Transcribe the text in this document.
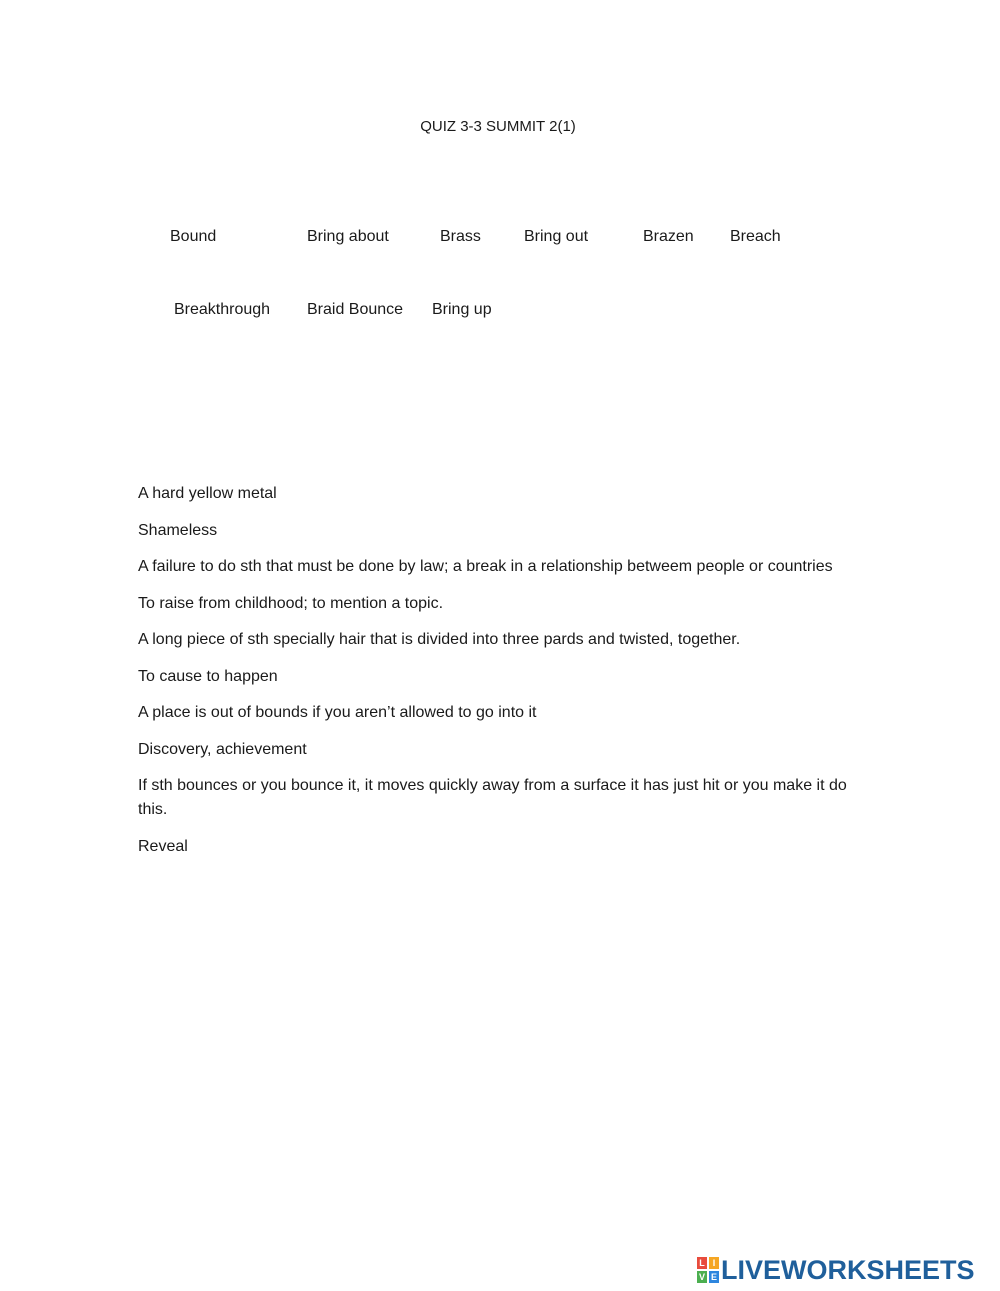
QUIZ 3-3 SUMMIT 2(1)
Bound	Bring about	Brass	Bring out	Brazen Breach
Breakthrough Braid Bounce Bring up

A hard yellow metal

Shameless

A failure to do sth that must be done by law; a break in a relationship betweem people or countries

To raise from childhood; to mention a topic.

A long piece of sth specially hair that is divided into three pards and twisted, together.

To cause to happen

A place is out of bounds if you aren’t allowed to go into it

Discovery, achievement

If sth bounces or you bounce it, it moves quickly away from a surface it has just hit or you make it do this.

Reveal

L I
V E LIVEWORKSHEETS
